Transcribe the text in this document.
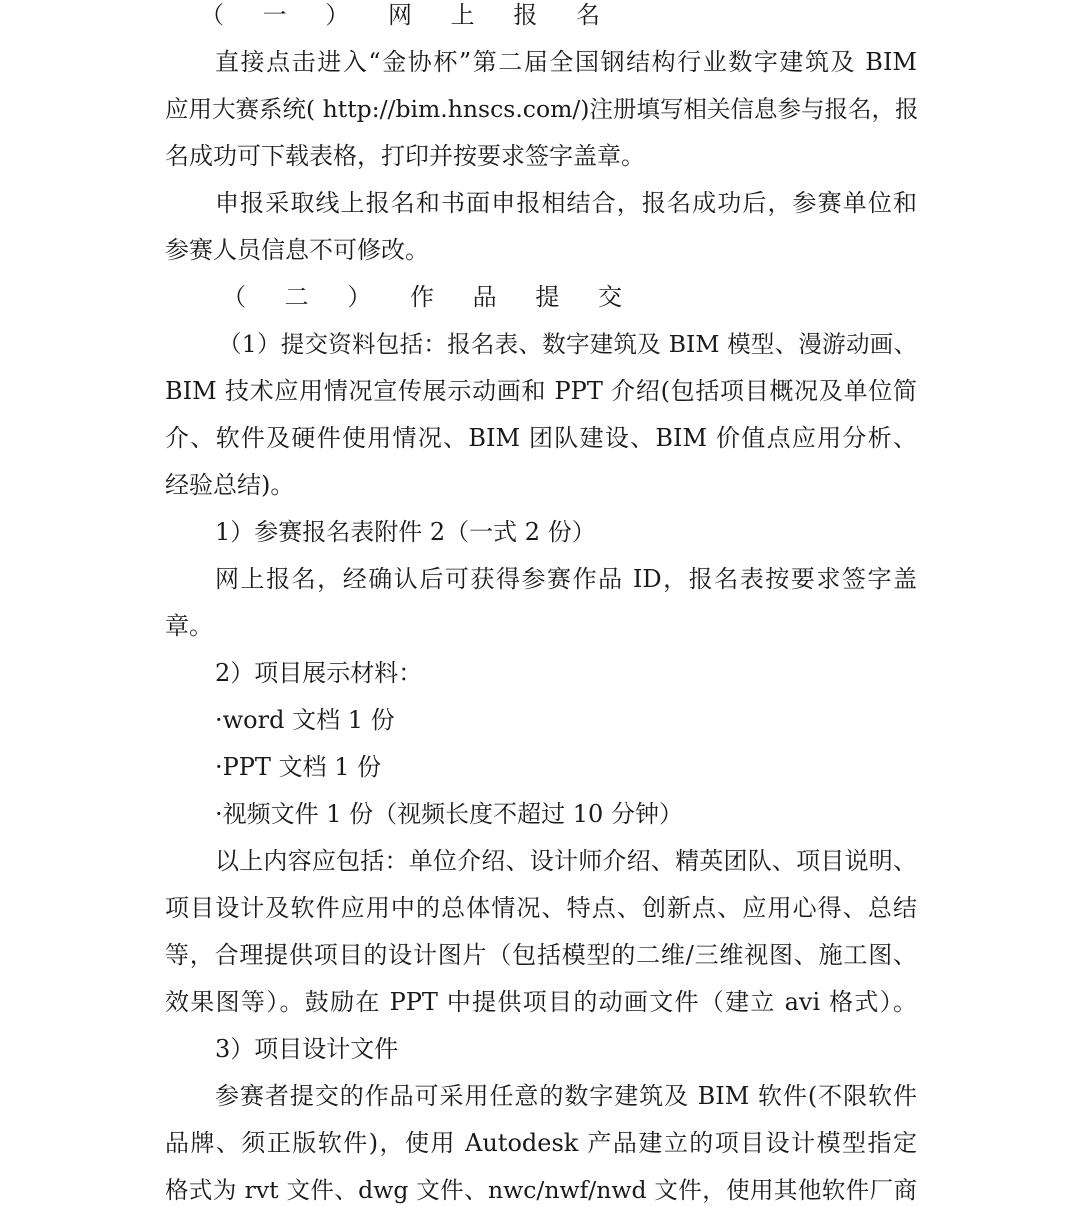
（一）网上报名
直接点击进入“金协杯”第二届全国钢结构行业数字建筑及 BIM
应用大赛系统( http://bim.hnscs.com/)注册填写相关信息参与报名，报
名成功可下载表格，打印并按要求签字盖章。
申报采取线上报名和书面申报相结合，报名成功后，参赛单位和
参赛人员信息不可修改。
（二）作品提交
（1）提交资料包括：报名表、数字建筑及 BIM 模型、漫游动画、
BIM 技术应用情况宣传展示动画和 PPT 介绍(包括项目概况及单位简
介、软件及硬件使用情况、BIM 团队建设、BIM 价值点应用分析、
经验总结)。
1）参赛报名表附件 2（一式 2 份）
网上报名，经确认后可获得参赛作品 ID，报名表按要求签字盖
章。
2）项目展示材料：
·word 文档 1 份
·PPT 文档 1 份
·视频文件 1 份（视频长度不超过 10 分钟）
以上内容应包括：单位介绍、设计师介绍、精英团队、项目说明、
项目设计及软件应用中的总体情况、特点、创新点、应用心得、总结
等，合理提供项目的设计图片（包括模型的二维/三维视图、施工图、
效果图等）。鼓励在 PPT 中提供项目的动画文件（建立 avi 格式）。
3）项目设计文件
参赛者提交的作品可采用任意的数字建筑及 BIM 软件(不限软件
品牌、须正版软件)，使用 Autodesk 产品建立的项目设计模型指定
格式为 rvt 文件、dwg 文件、nwc/nwf/nwd 文件，使用其他软件厂商
